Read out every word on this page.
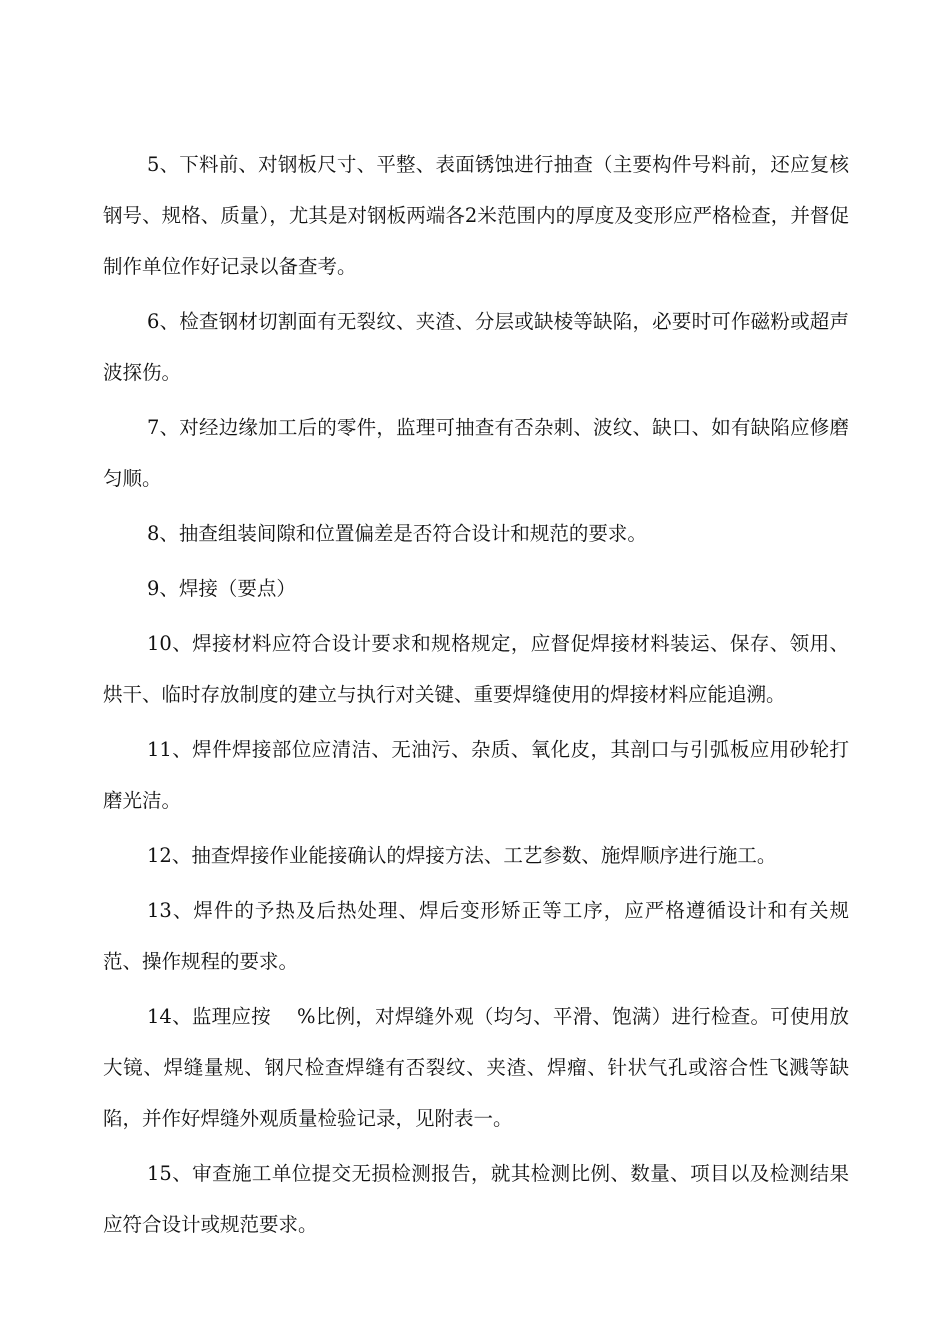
5、下料前、对钢板尺寸、平整、表面锈蚀进行抽查（主要构件号料前，还应复核钢号、规格、质量），尤其是对钢板两端各2米范围内的厚度及变形应严格检查，并督促制作单位作好记录以备查考。

6、检查钢材切割面有无裂纹、夹渣、分层或缺棱等缺陷，必要时可作磁粉或超声波探伤。

7、对经边缘加工后的零件，监理可抽查有否杂刺、波纹、缺口、如有缺陷应修磨匀顺。

8、抽查组装间隙和位置偏差是否符合设计和规范的要求。

9、焊接（要点）

10、焊接材料应符合设计要求和规格规定，应督促焊接材料装运、保存、领用、烘干、临时存放制度的建立与执行对关键、重要焊缝使用的焊接材料应能追溯。

11、焊件焊接部位应清洁、无油污、杂质、氧化皮，其剖口与引弧板应用砂轮打磨光洁。

12、抽查焊接作业能接确认的焊接方法、工艺参数、施焊顺序进行施工。

13、焊件的予热及后热处理、焊后变形矫正等工序，应严格遵循设计和有关规范、操作规程的要求。

14、监理应按　 %比例，对焊缝外观（均匀、平滑、饱满）进行检查。可使用放大镜、焊缝量规、钢尺检查焊缝有否裂纹、夹渣、焊瘤、针状气孔或溶合性飞溅等缺陷，并作好焊缝外观质量检验记录，见附表一。

15、审查施工单位提交无损检测报告，就其检测比例、数量、项目以及检测结果应符合设计或规范要求。
